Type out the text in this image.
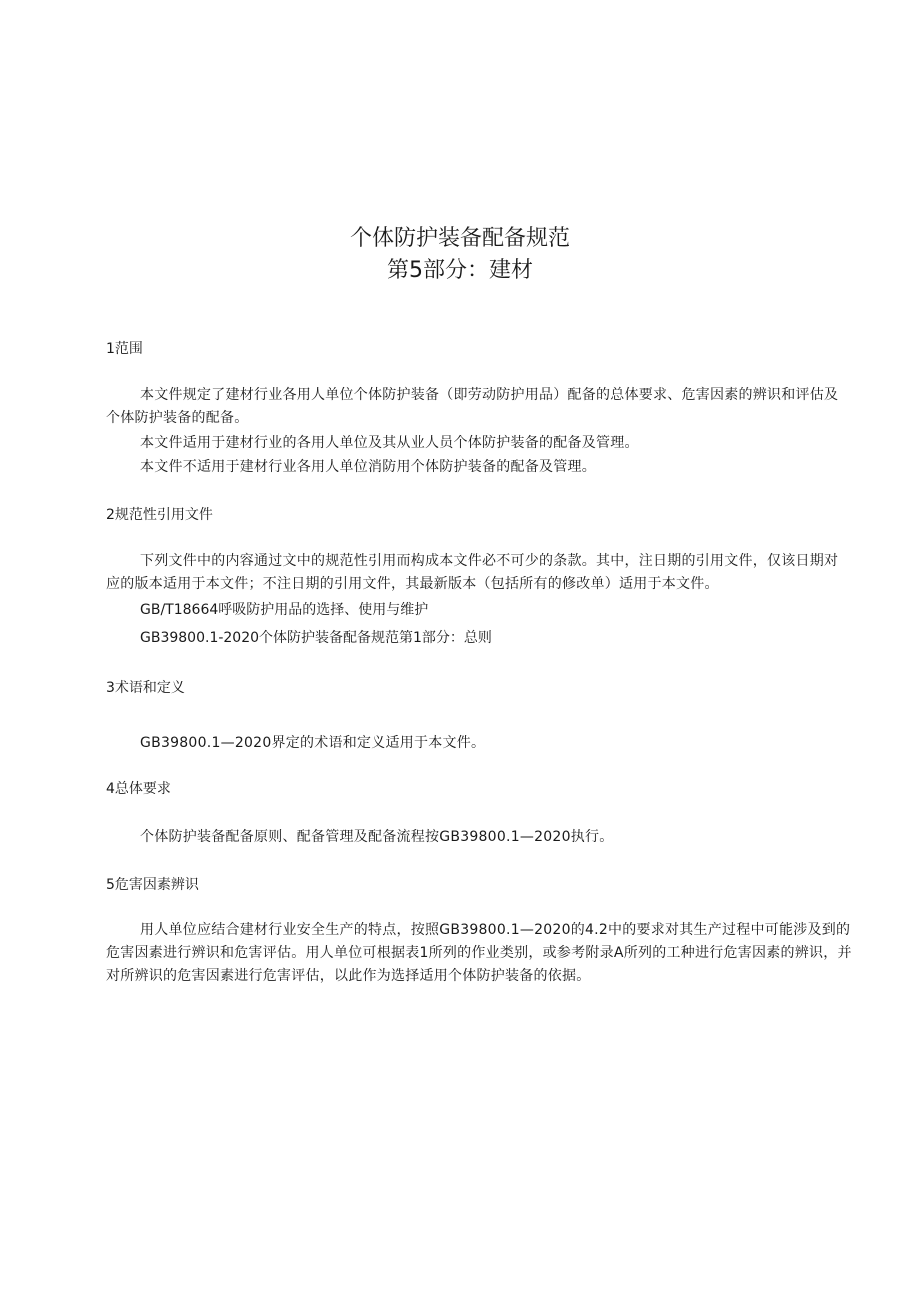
个体防护装备配备规范
第5部分：建材
1范围

本文件规定了建材行业各用人单位个体防护装备（即劳动防护用品）配备的总体要求、危害因素的辨识和评估及个体防护装备的配备。

本文件适用于建材行业的各用人单位及其从业人员个体防护装备的配备及管理。

本文件不适用于建材行业各用人单位消防用个体防护装备的配备及管理。

2规范性引用文件

下列文件中的内容通过文中的规范性引用而构成本文件必不可少的条款。其中，注日期的引用文件，仅该日期对应的版本适用于本文件；不注日期的引用文件，其最新版本（包括所有的修改单）适用于本文件。

GB/T18664呼吸防护用品的选择、使用与维护
GB39800.1-2020个体防护装备配备规范第1部分：总则
3术语和定义

GB39800.1—2020界定的术语和定义适用于本文件。

4总体要求

个体防护装备配备原则、配备管理及配备流程按GB39800.1—2020执行。

5危害因素辨识

用人单位应结合建材行业安全生产的特点，按照GB39800.1—2020的4.2中的要求对其生产过程中可能涉及到的危害因素进行辨识和危害评估。用人单位可根据表1所列的作业类别，或参考附录A所列的工种进行危害因素的辨识，并对所辨识的危害因素进行危害评估，以此作为选择适用个体防护装备的依据。
